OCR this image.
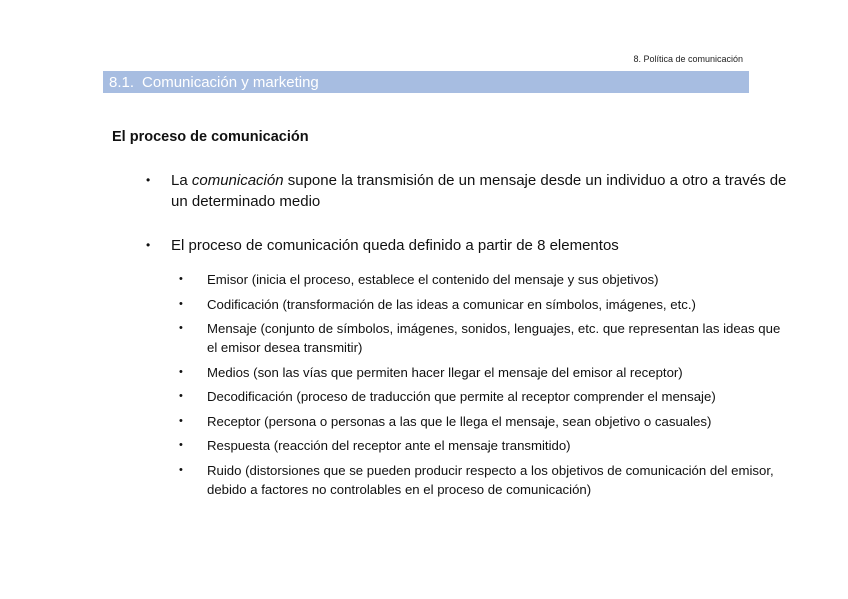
8. Política de comunicación
8.1. Comunicación y marketing
El proceso de comunicación
• La comunicación supone la transmisión de un mensaje desde un individuo a otro a través de un determinado medio
• El proceso de comunicación queda definido a partir de 8 elementos
• Emisor (inicia el proceso, establece el contenido del mensaje y sus objetivos)
• Codificación (transformación de las ideas a comunicar en símbolos, imágenes, etc.)
• Mensaje (conjunto de símbolos, imágenes, sonidos, lenguajes, etc. que representan las ideas que el emisor desea transmitir)
• Medios (son las vías que permiten hacer llegar el mensaje del emisor al receptor)
• Decodificación (proceso de traducción que permite al receptor comprender el mensaje)
• Receptor (persona o personas a las que le llega el mensaje, sean objetivo o casuales)
• Respuesta (reacción del receptor ante el mensaje transmitido)
• Ruido (distorsiones que se pueden producir respecto a los objetivos de comunicación del emisor, debido a factores no controlables en el proceso de comunicación)
